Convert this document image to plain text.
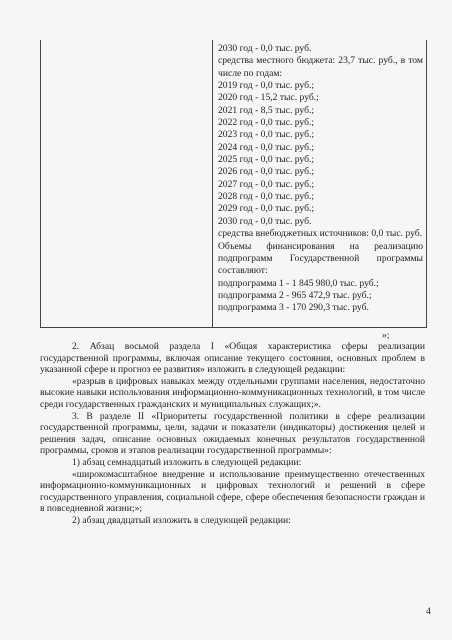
2030 год - 0,0 тыс. руб.
средства местного бюджета: 23,7 тыс. руб., в том числе по годам:
2019 год - 0,0 тыс. руб.;
2020 год - 15,2 тыс. руб.;
2021 год - 8,5 тыс. руб.;
2022 год - 0,0 тыс. руб.;
2023 год - 0,0 тыс. руб.;
2024 год - 0,0 тыс. руб.;
2025 год - 0,0 тыс. руб.;
2026 год - 0,0 тыс. руб.;
2027 год - 0,0 тыс. руб.;
2028 год - 0,0 тыс. руб.;
2029 год - 0,0 тыс. руб.;
2030 год - 0,0 тыс. руб.
средства внебюджетных источников: 0,0 тыс. руб.
Объемы финансирования на реализацию подпрограмм Государственной программы составляют:
подпрограмма 1 - 1 845 980,0 тыс. руб.;
подпрограмма 2 - 965 472,9 тыс. руб.;
подпрограмма 3 - 170 290,3 тыс. руб.
»;

2. Абзац восьмой раздела I «Общая характеристика сферы реализации государственной программы, включая описание текущего состояния, основных проблем в указанной сфере и прогноз ее развития» изложить в следующей редакции:

«разрыв в цифровых навыках между отдельными группами населения, недостаточно высокие навыки использования информационно-коммуникационных технологий, в том числе среди государственных гражданских и муниципальных служащих;».

3. В разделе II «Приоритеты государственной политики в сфере реализации государственной программы, цели, задачи и показатели (индикаторы) достижения целей и решения задач, описание основных ожидаемых конечных результатов государственной программы, сроков и этапов реализации государственной программы»:

1) абзац семнадцатый изложить в следующей редакции:

«широкомасштабное внедрение и использование преимущественно отечественных информационно-коммуникационных и цифровых технологий и решений в сфере государственного управления, социальной сфере, сфере обеспечения безопасности граждан и в повседневной жизни;»;

2) абзац двадцатый изложить в следующей редакции:

4
